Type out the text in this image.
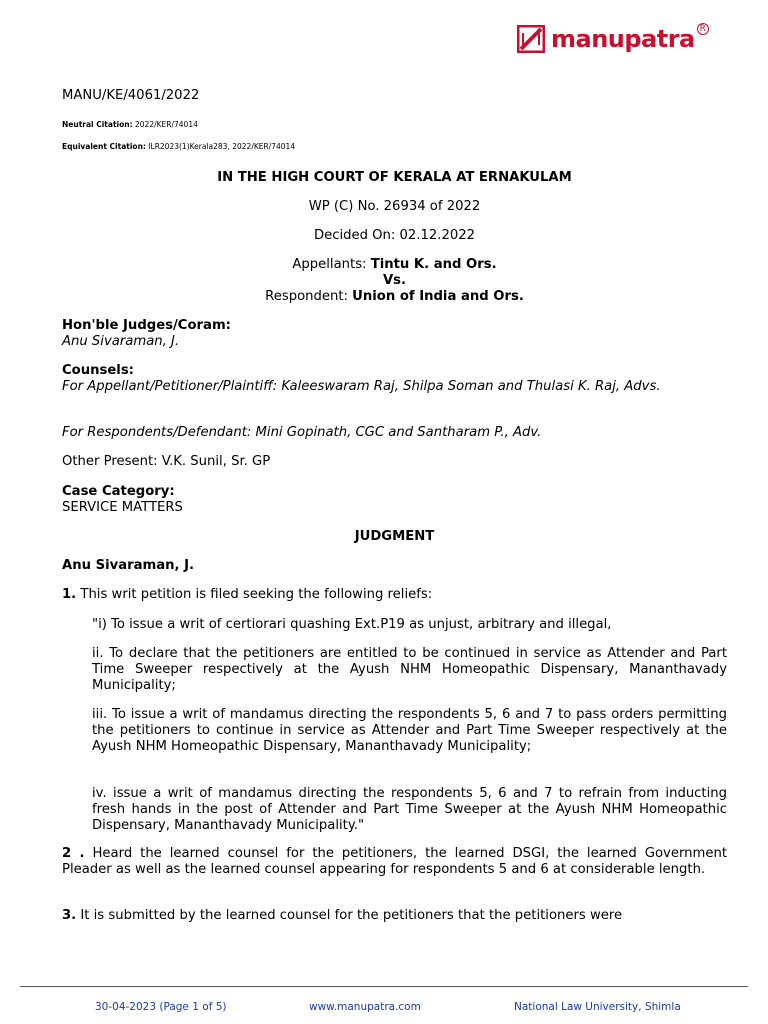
manupatra R
MANU/KE/4061/2022
Neutral Citation: 2022/KER/74014
Equivalent Citation: ILR2023(1)Kerala283, 2022/KER/74014
IN THE HIGH COURT OF KERALA AT ERNAKULAM
WP (C) No. 26934 of 2022
Decided On: 02.12.2022
Appellants: Tintu K. and Ors.
Vs.
Respondent: Union of India and Ors.
Hon'ble Judges/Coram:
Anu Sivaraman, J.
Counsels:
For Appellant/Petitioner/Plaintiff: Kaleeswaram Raj, Shilpa Soman and Thulasi K. Raj, Advs.
For Respondents/Defendant: Mini Gopinath, CGC and Santharam P., Adv.
Other Present: V.K. Sunil, Sr. GP
Case Category:
SERVICE MATTERS
JUDGMENT
Anu Sivaraman, J.
1. This writ petition is filed seeking the following reliefs:
"i) To issue a writ of certiorari quashing Ext.P19 as unjust, arbitrary and illegal,
ii. To declare that the petitioners are entitled to be continued in service as Attender and Part Time Sweeper respectively at the Ayush NHM Homeopathic Dispensary, Mananthavady Municipality;
iii. To issue a writ of mandamus directing the respondents 5, 6 and 7 to pass orders permitting the petitioners to continue in service as Attender and Part Time Sweeper respectively at the Ayush NHM Homeopathic Dispensary, Mananthavady Municipality;
iv. issue a writ of mandamus directing the respondents 5, 6 and 7 to refrain from inducting fresh hands in the post of Attender and Part Time Sweeper at the Ayush NHM Homeopathic Dispensary, Mananthavady Municipality."
2 . Heard the learned counsel for the petitioners, the learned DSGI, the learned Government Pleader as well as the learned counsel appearing for respondents 5 and 6 at considerable length.
3. It is submitted by the learned counsel for the petitioners that the petitioners were
30-04-2023 (Page 1 of 5)	www.manupatra.com	National Law University, Shimla
